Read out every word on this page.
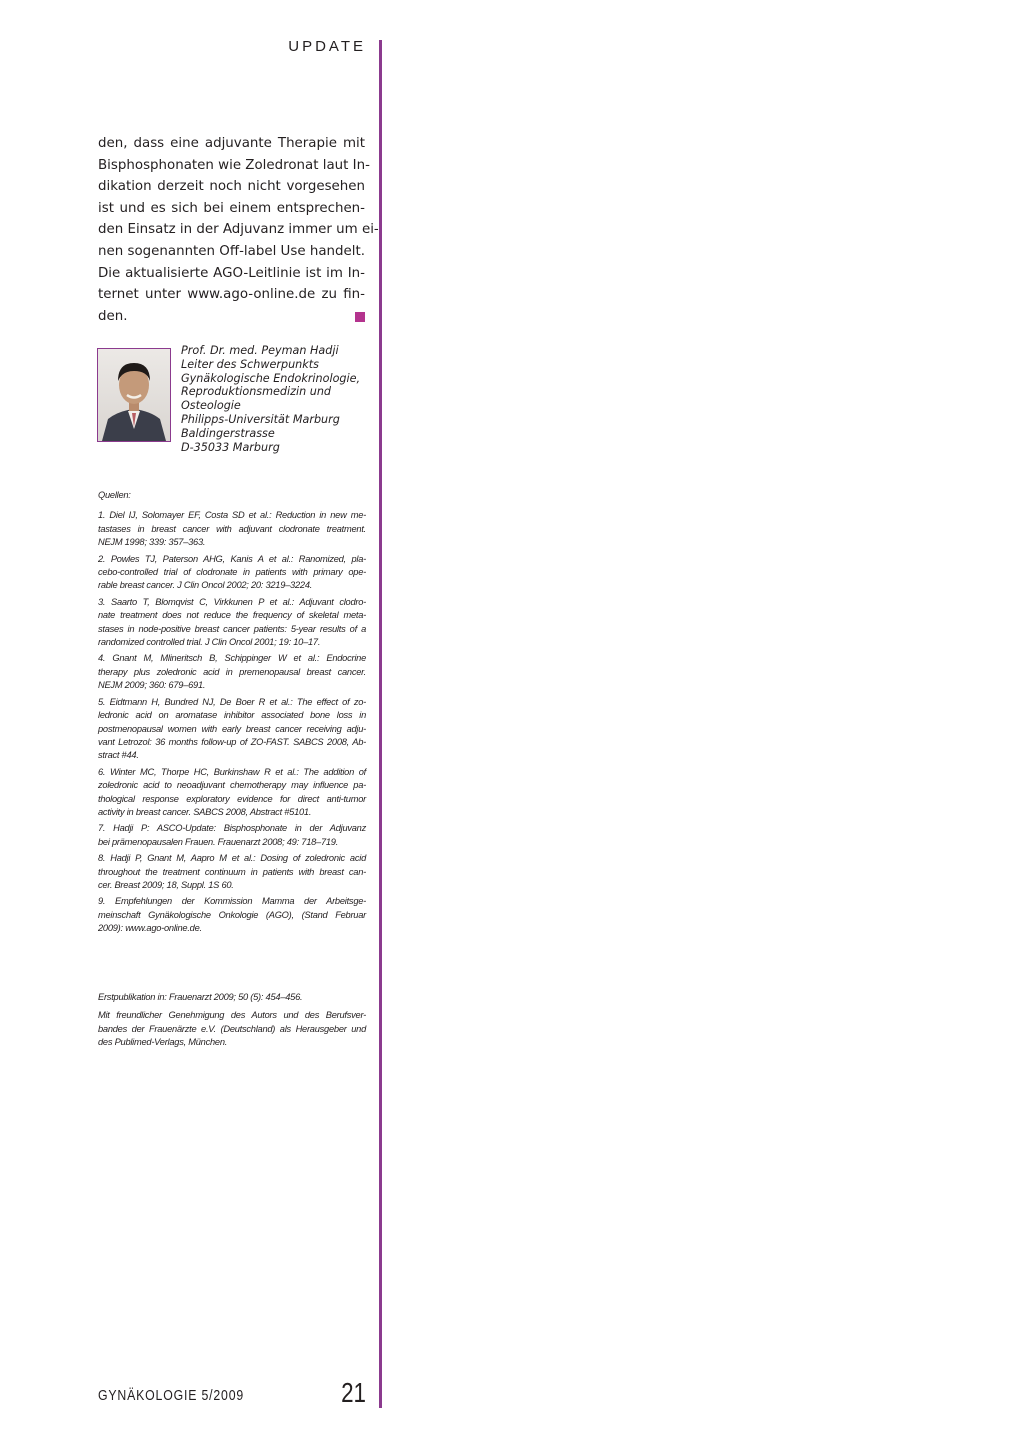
UPDATE
den, dass eine adjuvante Therapie mit
Bisphosphonaten wie Zoledronat laut In-
dikation derzeit noch nicht vorgesehen
ist und es sich bei einem entsprechen-
den Einsatz in der Adjuvanz immer um ei-
nen sogenannten Off-label Use handelt.
Die aktualisierte AGO-Leitlinie ist im In-
ternet unter www.ago-online.de zu fin-
den.
Prof. Dr. med. Peyman Hadji
Leiter des Schwerpunkts
Gynäkologische Endokrinologie,
Reproduktionsmedizin und
Osteologie
Philipps-Universität Marburg
Baldingerstrasse
D-35033 Marburg
Quellen:
1. Diel IJ, Solomayer EF, Costa SD et al.: Reduction in new me-
tastases in breast cancer with adjuvant clodronate treatment.
NEJM 1998; 339: 357–363.
2. Powles TJ, Paterson AHG, Kanis A et al.: Ranomized, pla-
cebo-controlled trial of clodronate in patients with primary ope-
rable breast cancer. J Clin Oncol 2002; 20: 3219–3224.
3. Saarto T, Blomqvist C, Virkkunen P et al.: Adjuvant clodro-
nate treatment does not reduce the frequency of skeletal meta-
stases in node-positive breast cancer patients: 5-year results of a
randomized controlled trial. J Clin Oncol 2001; 19: 10–17.
4. Gnant M, Mlineritsch B, Schippinger W et al.: Endocrine
therapy plus zoledronic acid in premenopausal breast cancer.
NEJM 2009; 360: 679–691.
5. Eidtmann H, Bundred NJ, De Boer R et al.: The effect of zo-
ledronic acid on aromatase inhibitor associated bone loss in
postmenopausal women with early breast cancer receiving adju-
vant Letrozol: 36 months follow-up of ZO-FAST. SABCS 2008, Ab-
stract #44.
6. Winter MC, Thorpe HC, Burkinshaw R et al.: The addition of
zoledronic acid to neoadjuvant chemotherapy may influence pa-
thological response exploratory evidence for direct anti-tumor
activity in breast cancer. SABCS 2008, Abstract #5101.
7. Hadji P: ASCO-Update: Bisphosphonate in der Adjuvanz
bei prämenopausalen Frauen. Frauenarzt 2008; 49: 718–719.
8. Hadji P, Gnant M, Aapro M et al.: Dosing of zoledronic acid
throughout the treatment continuum in patients with breast can-
cer. Breast 2009; 18, Suppl. 1S 60.
9. Empfehlungen der Kommission Mamma der Arbeitsge-
meinschaft Gynäkologische Onkologie (AGO), (Stand Februar
2009): www.ago-online.de.
Erstpublikation in: Frauenarzt 2009; 50 (5): 454–456.
Mit freundlicher Genehmigung des Autors und des Berufsver-
bandes der Frauenärzte e.V. (Deutschland) als Herausgeber und
des Publimed-Verlags, München.
GYNÄKOLOGIE 5/2009	21
